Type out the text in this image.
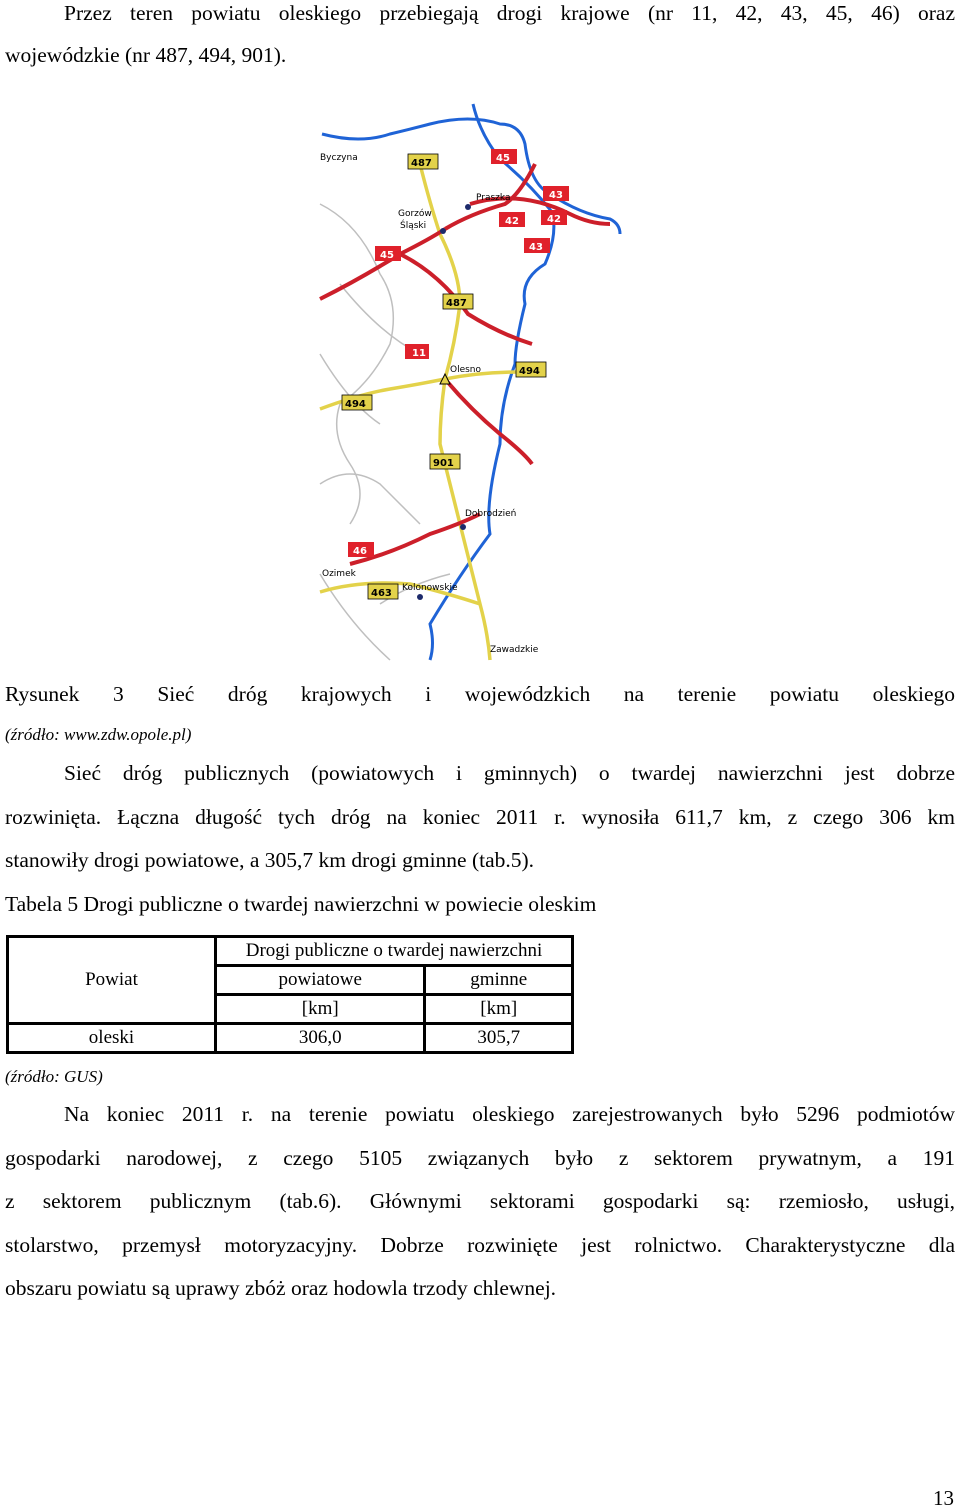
Przez teren powiatu oleskiego przebiegają drogi krajowe (nr 11, 42, 43, 45, 46) oraz
wojewódzkie (nr 487, 494, 901).
Byczyna
Praszka
Gorzów
Śląski
Olesno
Dobrodzień
Ozimek
Kolonowskie
Zawadzkie
45
42
43
42
43
45
11
46
487
487
494
494
901
463
Rysunek 3 Sieć dróg krajowych i wojewódzkich na terenie powiatu oleskiego
(źródło: www.zdw.opole.pl)
Sieć dróg publicznych (powiatowych i gminnych) o twardej nawierzchni jest dobrze
rozwinięta. Łączna długość tych dróg na koniec 2011 r. wynosiła 611,7 km, z czego 306 km
stanowiły drogi powiatowe, a 305,7 km drogi gminne (tab.5).
Tabela 5 Drogi publiczne o twardej nawierzchni w powiecie oleskim
Powiat	Drogi publiczne o twardej nawierzchni	
	powiatowe	gminne
	[km]	[km]
oleski	306,0	305,7
(źródło: GUS)
Na koniec 2011 r. na terenie powiatu oleskiego zarejestrowanych było 5296 podmiotów
gospodarki narodowej, z czego 5105 związanych było z sektorem prywatnym, a 191
z sektorem publicznym (tab.6). Głównymi sektorami gospodarki są: rzemiosło, usługi,
stolarstwo, przemysł motoryzacyjny. Dobrze rozwinięte jest rolnictwo. Charakterystyczne dla
obszaru powiatu są uprawy zbóż oraz hodowla trzody chlewnej.
13
